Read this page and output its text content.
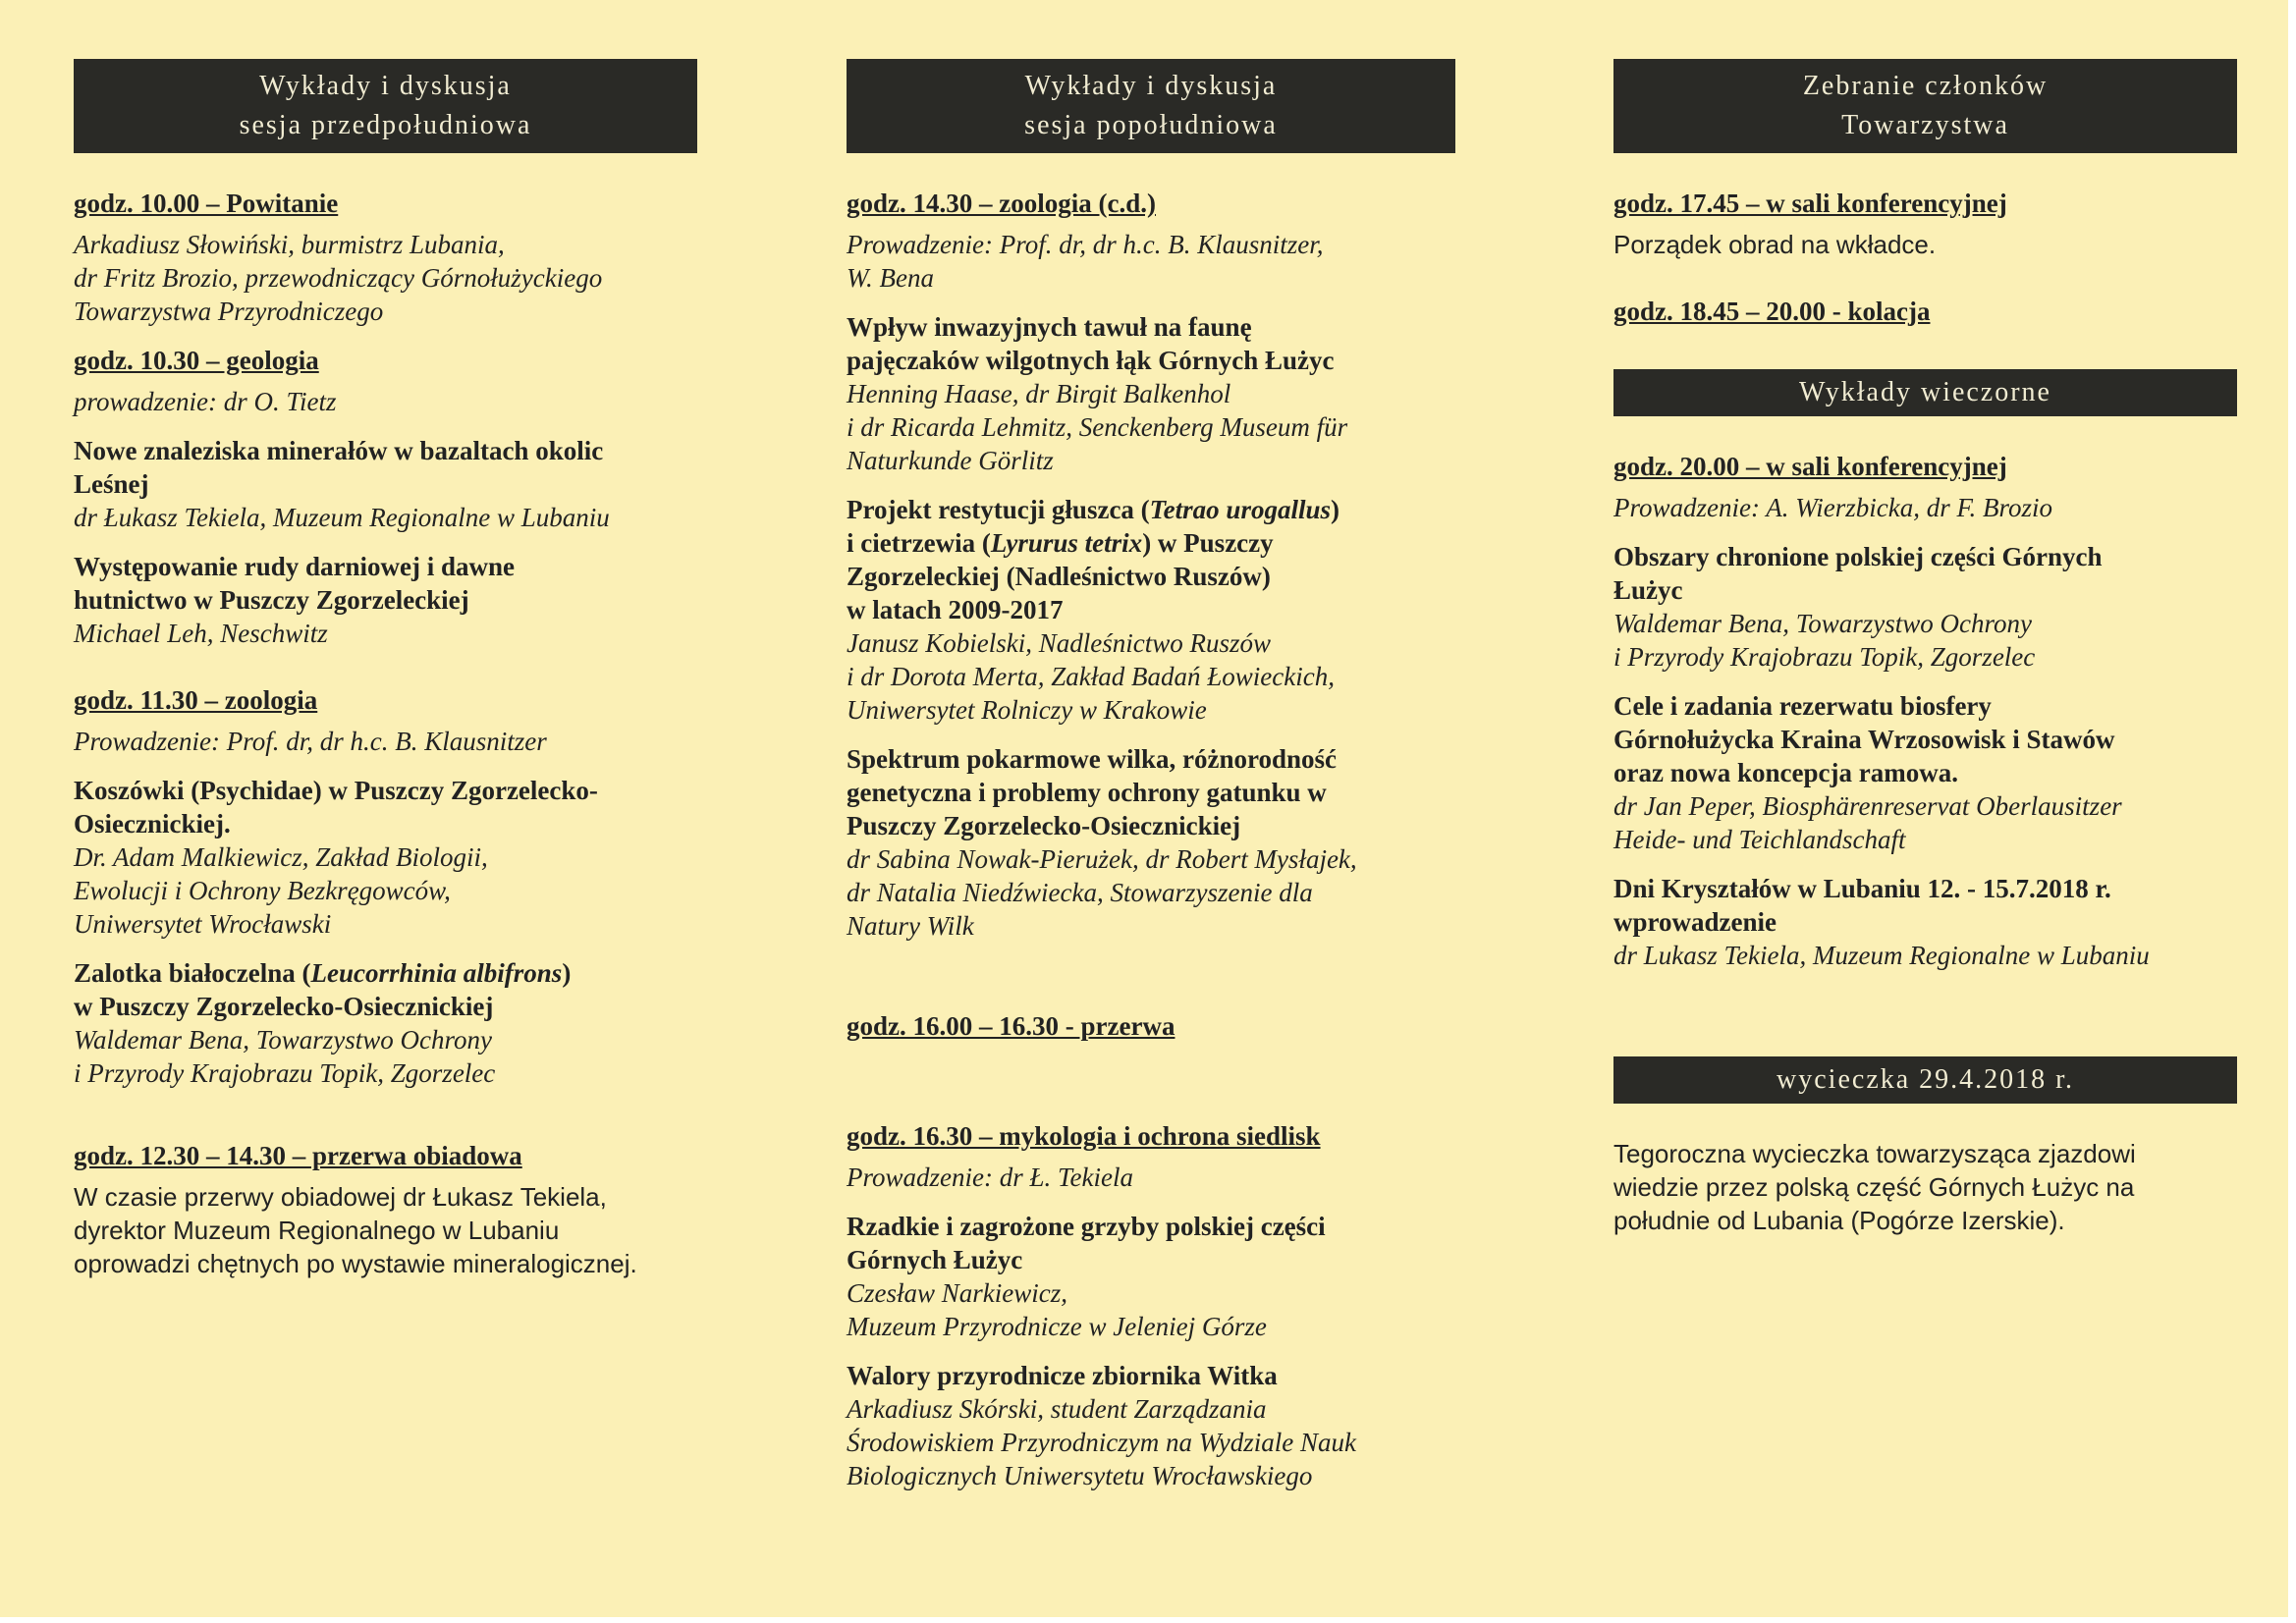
Wykłady i dyskusja
sesja przedpołudniowa
godz. 10.00 – Powitanie
Arkadiusz Słowiński, burmistrz Lubania,
dr Fritz Brozio, przewodniczący Górnołużyckiego
Towarzystwa Przyrodniczego
godz. 10.30 – geologia
prowadzenie: dr O. Tietz
Nowe znaleziska minerałów w bazaltach okolic
Leśnej
dr Łukasz Tekiela, Muzeum Regionalne w Lubaniu
Występowanie rudy darniowej i dawne
hutnictwo w Puszczy Zgorzeleckiej
Michael Leh, Neschwitz
godz. 11.30 – zoologia
Prowadzenie: Prof. dr, dr h.c. B. Klausnitzer
Koszówki (Psychidae) w Puszczy Zgorzelecko-
Osiecznickiej.
Dr. Adam Malkiewicz, Zakład Biologii,
Ewolucji i Ochrony Bezkręgowców,
Uniwersytet Wrocławski
Zalotka białoczelna (Leucorrhinia albifrons)
w Puszczy Zgorzelecko-Osiecznickiej
Waldemar Bena, Towarzystwo Ochrony
i Przyrody Krajobrazu Topik, Zgorzelec
godz. 12.30 – 14.30 – przerwa obiadowa
W czasie przerwy obiadowej dr Łukasz Tekiela,
dyrektor Muzeum Regionalnego w Lubaniu
oprowadzi chętnych po wystawie mineralogicznej.
Wykłady i dyskusja
sesja popołudniowa
godz. 14.30 – zoologia (c.d.)
Prowadzenie: Prof. dr, dr h.c. B. Klausnitzer,
W. Bena
Wpływ inwazyjnych tawuł na faunę
pajęczaków wilgotnych łąk Górnych Łużyc
Henning Haase, dr Birgit Balkenhol
i dr Ricarda Lehmitz, Senckenberg Museum für
Naturkunde Görlitz
Projekt restytucji głuszca (Tetrao urogallus)
i cietrzewia (Lyrurus tetrix) w Puszczy
Zgorzeleckiej (Nadleśnictwo Ruszów)
w latach 2009-2017
Janusz Kobielski, Nadleśnictwo Ruszów
i dr Dorota Merta, Zakład Badań Łowieckich,
Uniwersytet Rolniczy w Krakowie
Spektrum pokarmowe wilka, różnorodność
genetyczna i problemy ochrony gatunku w
Puszczy Zgorzelecko-Osiecznickiej
dr Sabina Nowak-Pierużek, dr Robert Mysłajek,
dr Natalia Niedźwiecka, Stowarzyszenie dla
Natury Wilk
godz. 16.00 – 16.30 - przerwa
godz. 16.30 – mykologia i ochrona siedlisk
Prowadzenie: dr Ł. Tekiela
Rzadkie i zagrożone grzyby polskiej części
Górnych Łużyc
Czesław Narkiewicz,
Muzeum Przyrodnicze w Jeleniej Górze
Walory przyrodnicze zbiornika Witka
Arkadiusz Skórski, student Zarządzania
Środowiskiem Przyrodniczym na Wydziale Nauk
Biologicznych Uniwersytetu Wrocławskiego
Zebranie członków
Towarzystwa
godz. 17.45 – w sali konferencyjnej
Porządek obrad na wkładce.
godz. 18.45 – 20.00 - kolacja
Wykłady wieczorne
godz. 20.00 – w sali konferencyjnej
Prowadzenie: A. Wierzbicka, dr F. Brozio
Obszary chronione polskiej części Górnych
Łużyc
Waldemar Bena, Towarzystwo Ochrony
i Przyrody Krajobrazu Topik, Zgorzelec
Cele i zadania rezerwatu biosfery
Górnołużycka Kraina Wrzosowisk i Stawów
oraz nowa koncepcja ramowa.
dr Jan Peper, Biosphärenreservat Oberlausitzer
Heide- und Teichlandschaft
Dni Kryształów w Lubaniu 12. - 15.7.2018 r.
wprowadzenie
dr Lukasz Tekiela, Muzeum Regionalne w Lubaniu
wycieczka 29.4.2018 r.
Tegoroczna wycieczka towarzysząca zjazdowi
wiedzie przez polską część Górnych Łużyc na
południe od Lubania (Pogórze Izerskie).
